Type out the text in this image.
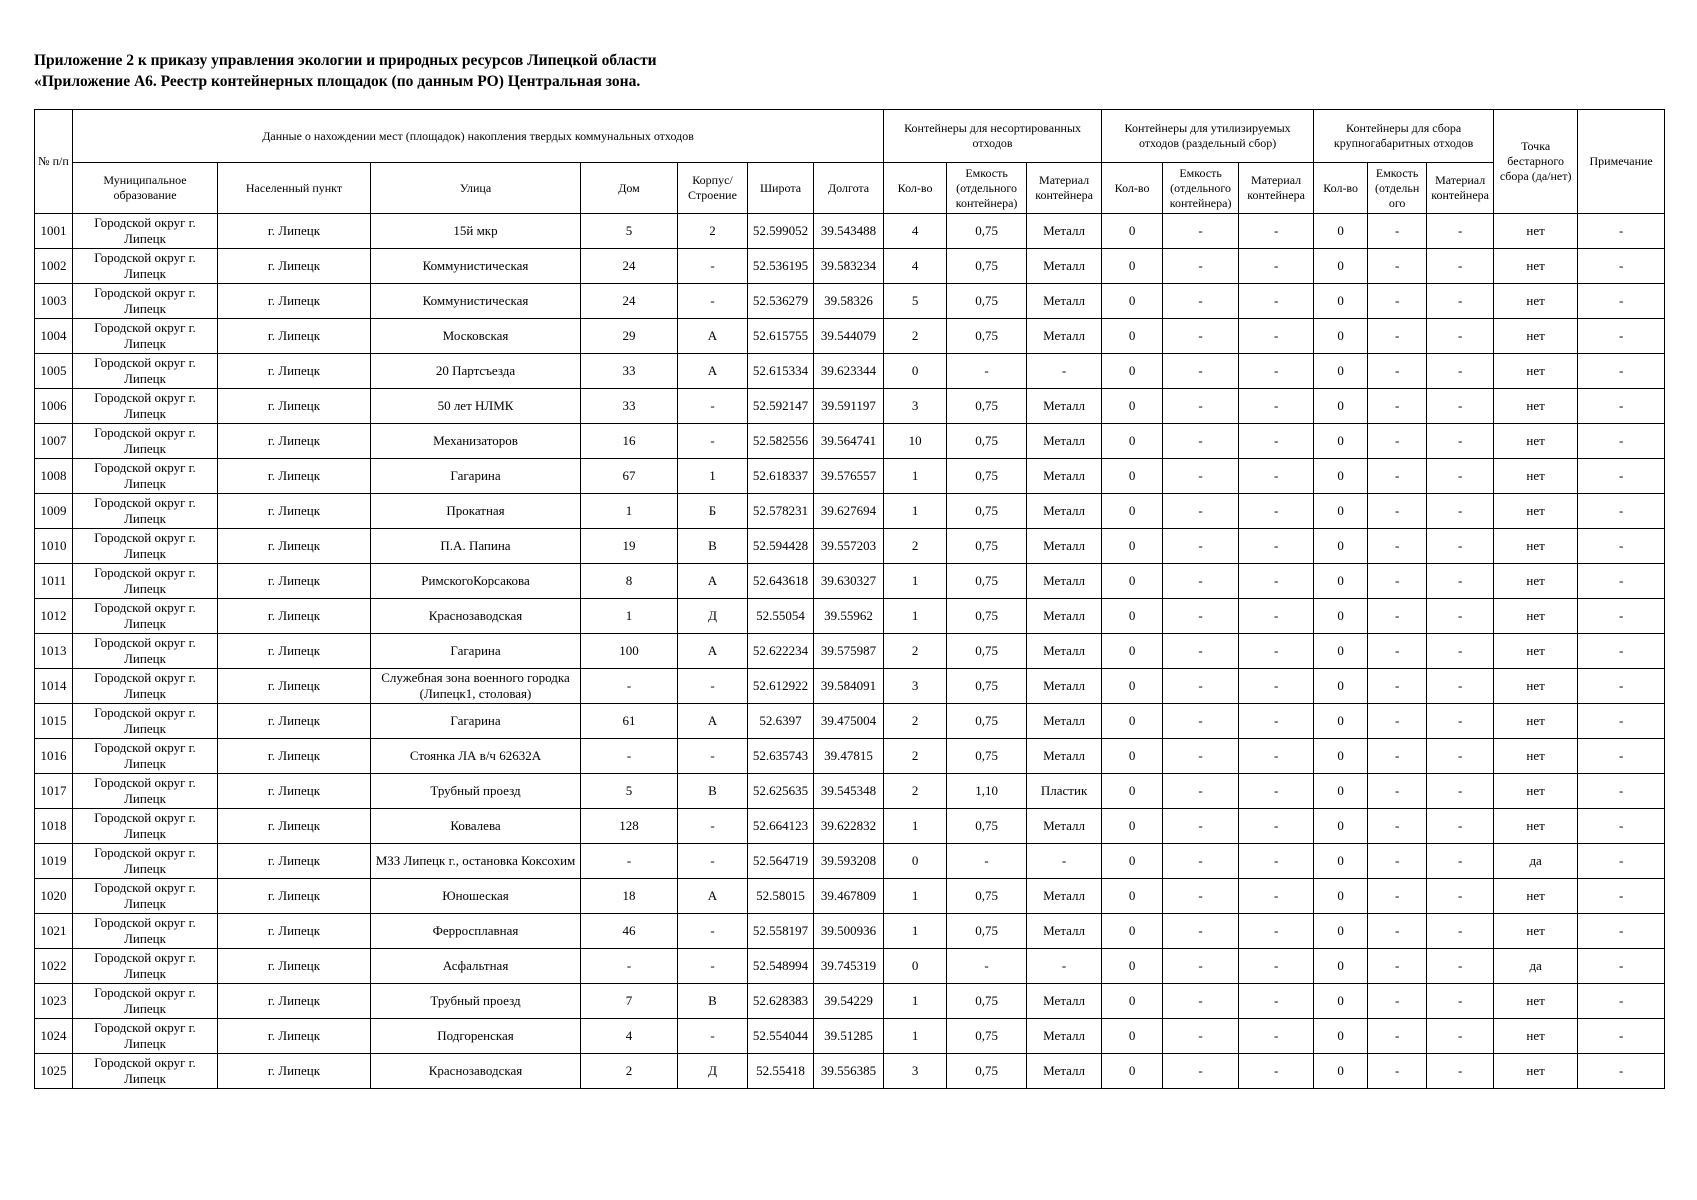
Приложение 2 к приказу управления экологии и природных ресурсов Липецкой области
«Приложение А6. Реестр контейнерных площадок (по данным РО) Центральная зона.
№ п/п	Данные о нахождении мест (площадок) накопления твердых коммунальных отходов							Контейнеры для несортированных отходов			Контейнеры для утилизируемых отходов (раздельный сбор)			Контейнеры для сбора крупногабаритных отходов			Точка бестарного сбора (да/нет)	Примечание
	Муниципальное образование	Населенный пункт	Улица	Дом	Корпус/ Строение	Широта	Долгота	Кол-во	Емкость (отдельного контейнера)	Материал контейнера	Кол-во	Емкость (отдельного контейнера)	Материал контейнера	Кол-во	Емкость (отдельн ого	Материал контейнера		
1001	Городской округ г. Липецк	г. Липецк	15й мкр	5	2	52.599052	39.543488	4	0,75	Металл	0	-	-	0	-	-	нет	-
1002	Городской округ г. Липецк	г. Липецк	Коммунистическая	24	-	52.536195	39.583234	4	0,75	Металл	0	-	-	0	-	-	нет	-
1003	Городской округ г. Липецк	г. Липецк	Коммунистическая	24	-	52.536279	39.58326	5	0,75	Металл	0	-	-	0	-	-	нет	-
1004	Городской округ г. Липецк	г. Липецк	Московская	29	А	52.615755	39.544079	2	0,75	Металл	0	-	-	0	-	-	нет	-
1005	Городской округ г. Липецк	г. Липецк	20 Партсъезда	33	А	52.615334	39.623344	0	-	-	0	-	-	0	-	-	нет	-
1006	Городской округ г. Липецк	г. Липецк	50 лет НЛМК	33	-	52.592147	39.591197	3	0,75	Металл	0	-	-	0	-	-	нет	-
1007	Городской округ г. Липецк	г. Липецк	Механизаторов	16	-	52.582556	39.564741	10	0,75	Металл	0	-	-	0	-	-	нет	-
1008	Городской округ г. Липецк	г. Липецк	Гагарина	67	1	52.618337	39.576557	1	0,75	Металл	0	-	-	0	-	-	нет	-
1009	Городской округ г. Липецк	г. Липецк	Прокатная	1	Б	52.578231	39.627694	1	0,75	Металл	0	-	-	0	-	-	нет	-
1010	Городской округ г. Липецк	г. Липецк	П.А. Папина	19	В	52.594428	39.557203	2	0,75	Металл	0	-	-	0	-	-	нет	-
1011	Городской округ г. Липецк	г. Липецк	РимскогоКорсакова	8	А	52.643618	39.630327	1	0,75	Металл	0	-	-	0	-	-	нет	-
1012	Городской округ г. Липецк	г. Липецк	Краснозаводская	1	Д	52.55054	39.55962	1	0,75	Металл	0	-	-	0	-	-	нет	-
1013	Городской округ г. Липецк	г. Липецк	Гагарина	100	А	52.622234	39.575987	2	0,75	Металл	0	-	-	0	-	-	нет	-
1014	Городской округ г. Липецк	г. Липецк	Служебная зона военного городка (Липецк1, столовая)	-	-	52.612922	39.584091	3	0,75	Металл	0	-	-	0	-	-	нет	-
1015	Городской округ г. Липецк	г. Липецк	Гагарина	61	А	52.6397	39.475004	2	0,75	Металл	0	-	-	0	-	-	нет	-
1016	Городской округ г. Липецк	г. Липецк	Стоянка ЛА в/ч 62632А	-	-	52.635743	39.47815	2	0,75	Металл	0	-	-	0	-	-	нет	-
1017	Городской округ г. Липецк	г. Липецк	Трубный проезд	5	В	52.625635	39.545348	2	1,10	Пластик	0	-	-	0	-	-	нет	-
1018	Городской округ г. Липецк	г. Липецк	Ковалева	128	-	52.664123	39.622832	1	0,75	Металл	0	-	-	0	-	-	нет	-
1019	Городской округ г. Липецк	г. Липецк	МЗЗ Липецк г., остановка Коксохим	-	-	52.564719	39.593208	0	-	-	0	-	-	0	-	-	да	-
1020	Городской округ г. Липецк	г. Липецк	Юношеская	18	А	52.58015	39.467809	1	0,75	Металл	0	-	-	0	-	-	нет	-
1021	Городской округ г. Липецк	г. Липецк	Ферросплавная	46	-	52.558197	39.500936	1	0,75	Металл	0	-	-	0	-	-	нет	-
1022	Городской округ г. Липецк	г. Липецк	Асфальтная	-	-	52.548994	39.745319	0	-	-	0	-	-	0	-	-	да	-
1023	Городской округ г. Липецк	г. Липецк	Трубный проезд	7	В	52.628383	39.54229	1	0,75	Металл	0	-	-	0	-	-	нет	-
1024	Городской округ г. Липецк	г. Липецк	Подгоренская	4	-	52.554044	39.51285	1	0,75	Металл	0	-	-	0	-	-	нет	-
1025	Городской округ г. Липецк	г. Липецк	Краснозаводская	2	Д	52.55418	39.556385	3	0,75	Металл	0	-	-	0	-	-	нет	-
